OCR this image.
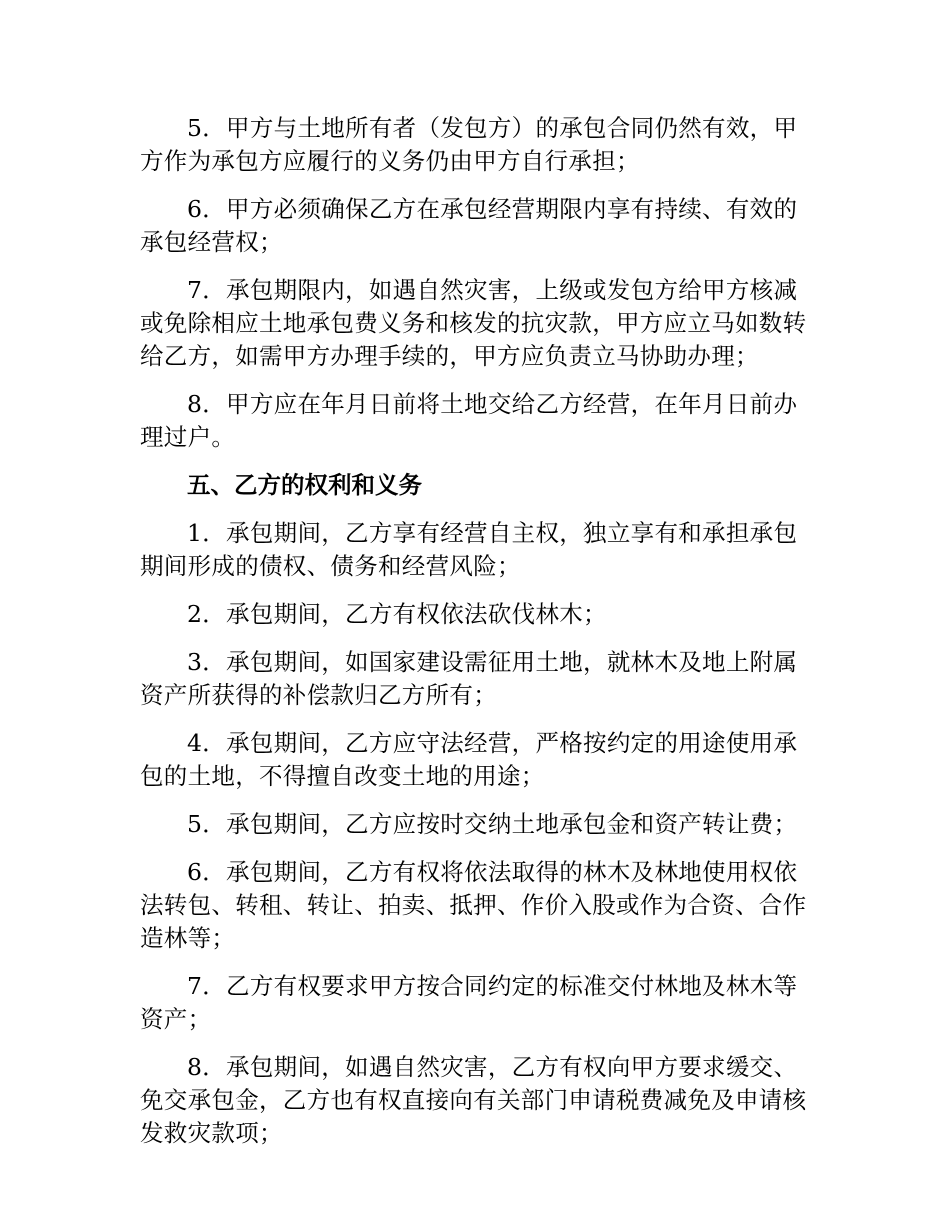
5．甲方与土地所有者（发包方）的承包合同仍然有效，甲方作为承包方应履行的义务仍由甲方自行承担；

6．甲方必须确保乙方在承包经营期限内享有持续、有效的承包经营权；

7．承包期限内，如遇自然灾害，上级或发包方给甲方核减或免除相应土地承包费义务和核发的抗灾款，甲方应立马如数转给乙方，如需甲方办理手续的，甲方应负责立马协助办理；

8．甲方应在年月日前将土地交给乙方经营，在年月日前办理过户。

五、乙方的权利和义务

1．承包期间，乙方享有经营自主权，独立享有和承担承包期间形成的债权、债务和经营风险；

2．承包期间，乙方有权依法砍伐林木；

3．承包期间，如国家建设需征用土地，就林木及地上附属资产所获得的补偿款归乙方所有；

4．承包期间，乙方应守法经营，严格按约定的用途使用承包的土地，不得擅自改变土地的用途；

5．承包期间，乙方应按时交纳土地承包金和资产转让费；

6．承包期间，乙方有权将依法取得的林木及林地使用权依法转包、转租、转让、拍卖、抵押、作价入股或作为合资、合作造林等；

7．乙方有权要求甲方按合同约定的标准交付林地及林木等资产；

8．承包期间，如遇自然灾害，乙方有权向甲方要求缓交、免交承包金，乙方也有权直接向有关部门申请税费减免及申请核发救灾款项；
